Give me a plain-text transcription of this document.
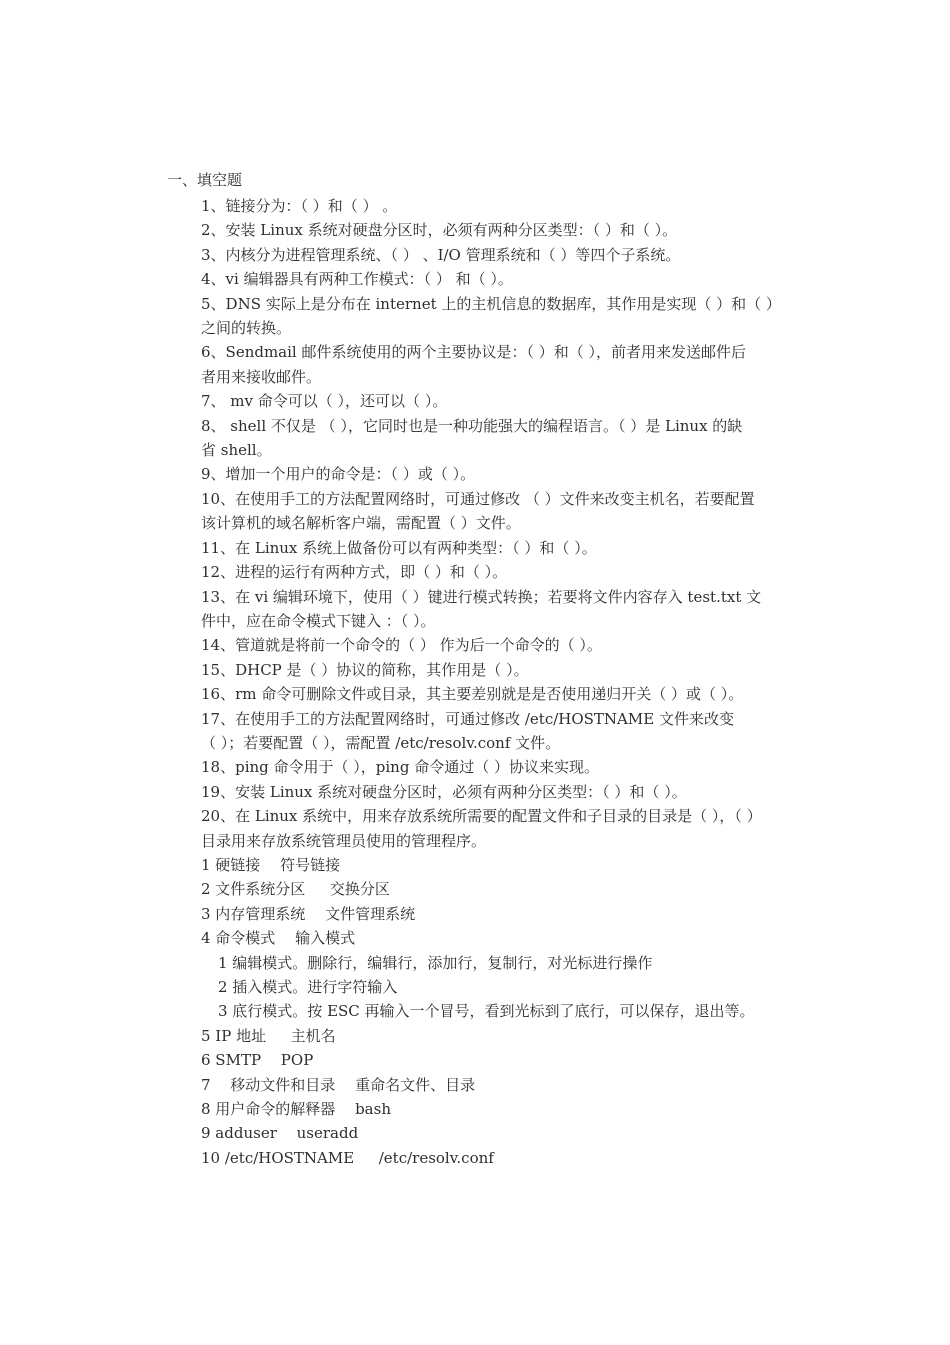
一、填空题
1、链接分为：（ ）和（ ） 。
2、安装 Linux 系统对硬盘分区时，必须有两种分区类型：（ ）和（ ）。
3、内核分为进程管理系统、（ ） 、I/O 管理系统和（ ）等四个子系统。
4、vi 编辑器具有两种工作模式：（ ） 和（ ）。
5、DNS 实际上是分布在 internet 上的主机信息的数据库，其作用是实现（ ）和（ ）
之间的转换。
6、Sendmail 邮件系统使用的两个主要协议是：（ ）和（ ），前者用来发送邮件后
者用来接收邮件。
7、 mv 命令可以（ ），还可以（ ）。
8、 shell 不仅是 （ ），它同时也是一种功能强大的编程语言。（ ）是 Linux 的缺
省 shell。
9、增加一个用户的命令是：（ ）或（ ）。
10、在使用手工的方法配置网络时，可通过修改 （ ）文件来改变主机名，若要配置
该计算机的域名解析客户端，需配置（ ）文件。
11、在 Linux 系统上做备份可以有两种类型：（ ）和（ ）。
12、进程的运行有两种方式，即（ ）和（ ）。
13、在 vi 编辑环境下，使用（ ）键进行模式转换；若要将文件内容存入 test.txt 文
件中，应在命令模式下键入 ：（ ）。
14、管道就是将前一个命令的（ ） 作为后一个命令的（ ）。
15、DHCP 是（ ）协议的简称，其作用是（ ）。
16、rm 命令可删除文件或目录，其主要差别就是是否使用递归开关（ ）或（ ）。
17、在使用手工的方法配置网络时，可通过修改 /etc/HOSTNAME 文件来改变
（ ）；若要配置（ ），需配置 /etc/resolv.conf 文件。
18、ping 命令用于（ ），ping 命令通过（ ）协议来实现。
19、安装 Linux 系统对硬盘分区时，必须有两种分区类型：（ ）和（ ）。
20、在 Linux 系统中，用来存放系统所需要的配置文件和子目录的目录是（ ），（ ）
目录用来存放系统管理员使用的管理程序。
1 硬链接 　符号链接
2 文件系统分区 　 交换分区
3 内存管理系统 　文件管理系统
4 命令模式 　输入模式
1 编辑模式。删除行，编辑行，添加行，复制行，对光标进行操作
2 插入模式。进行字符输入
3 底行模式。按 ESC 再输入一个冒号，看到光标到了底行，可以保存，退出等。
5 IP 地址 　 主机名
6 SMTP 　POP
7 　移动文件和目录 　重命名文件、目录
8 用户命令的解释器 　bash
9 adduser 　useradd
10 /etc/HOSTNAME 　 /etc/resolv.conf
